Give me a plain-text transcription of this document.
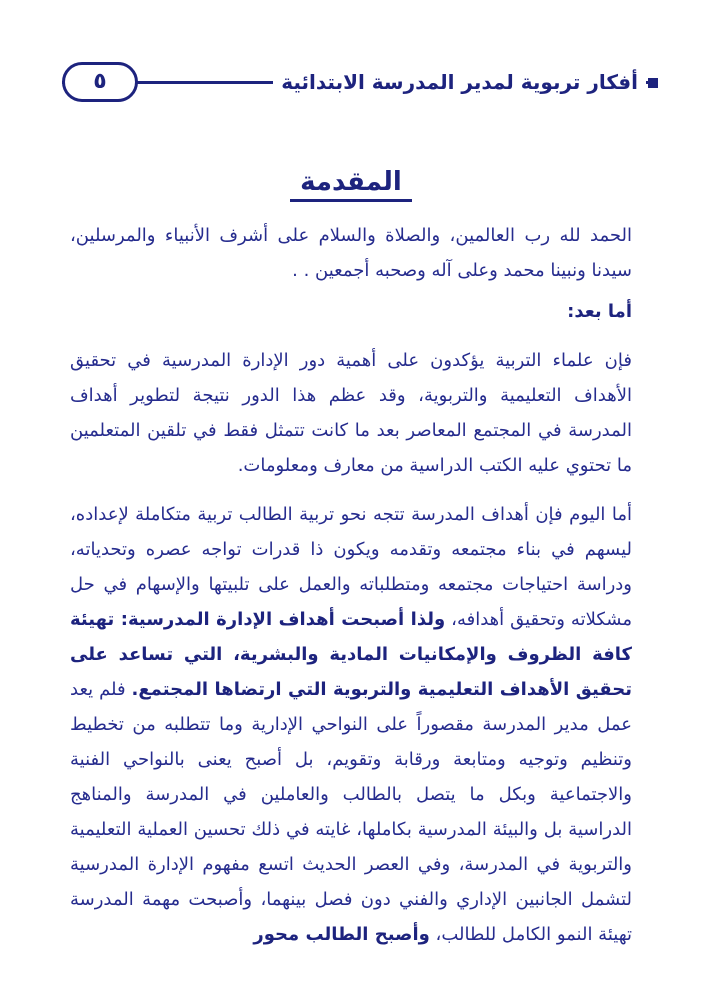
أفكار تربوية لمدير المدرسة الابتدائية
٥
المقدمة

الحمد لله رب العالمين، والصلاة والسلام على أشرف الأنبياء والمرسلين، سيدنا ونبينا محمد وعلى آله وصحبه أجمعين . .

أما بعد:

فإن علماء التربية يؤكدون على أهمية دور الإدارة المدرسية في تحقيق الأهداف التعليمية والتربوية، وقد عظم هذا الدور نتيجة لتطوير أهداف المدرسة في المجتمع المعاصر بعد ما كانت تتمثل فقط في تلقين المتعلمين ما تحتوي عليه الكتب الدراسية من معارف ومعلومات.

أما اليوم فإن أهداف المدرسة تتجه نحو تربية الطالب تربية متكاملة لإعداده، ليسهم في بناء مجتمعه وتقدمه ويكون ذا قدرات تواجه عصره وتحدياته، ودراسة احتياجات مجتمعه ومتطلباته والعمل على تلبيتها والإسهام في حل مشكلاته وتحقيق أهدافه، ولذا أصبحت أهداف الإدارة المدرسية: تهيئة كافة الظروف والإمكانيات المادية والبشرية، التي تساعد على تحقيق الأهداف التعليمية والتربوية التي ارتضاها المجتمع. فلم يعد عمل مدير المدرسة مقصوراً على النواحي الإدارية وما تتطلبه من تخطيط وتنظيم وتوجيه ومتابعة ورقابة وتقويم، بل أصبح يعنى بالنواحي الفنية والاجتماعية وبكل ما يتصل بالطالب والعاملين في المدرسة والمناهج الدراسية بل والبيئة المدرسية بكاملها، غايته في ذلك تحسين العملية التعليمية والتربوية في المدرسة، وفي العصر الحديث اتسع مفهوم الإدارة المدرسية لتشمل الجانبين الإداري والفني دون فصل بينهما، وأصبحت مهمة المدرسة تهيئة النمو الكامل للطالب، وأصبح الطالب محور
